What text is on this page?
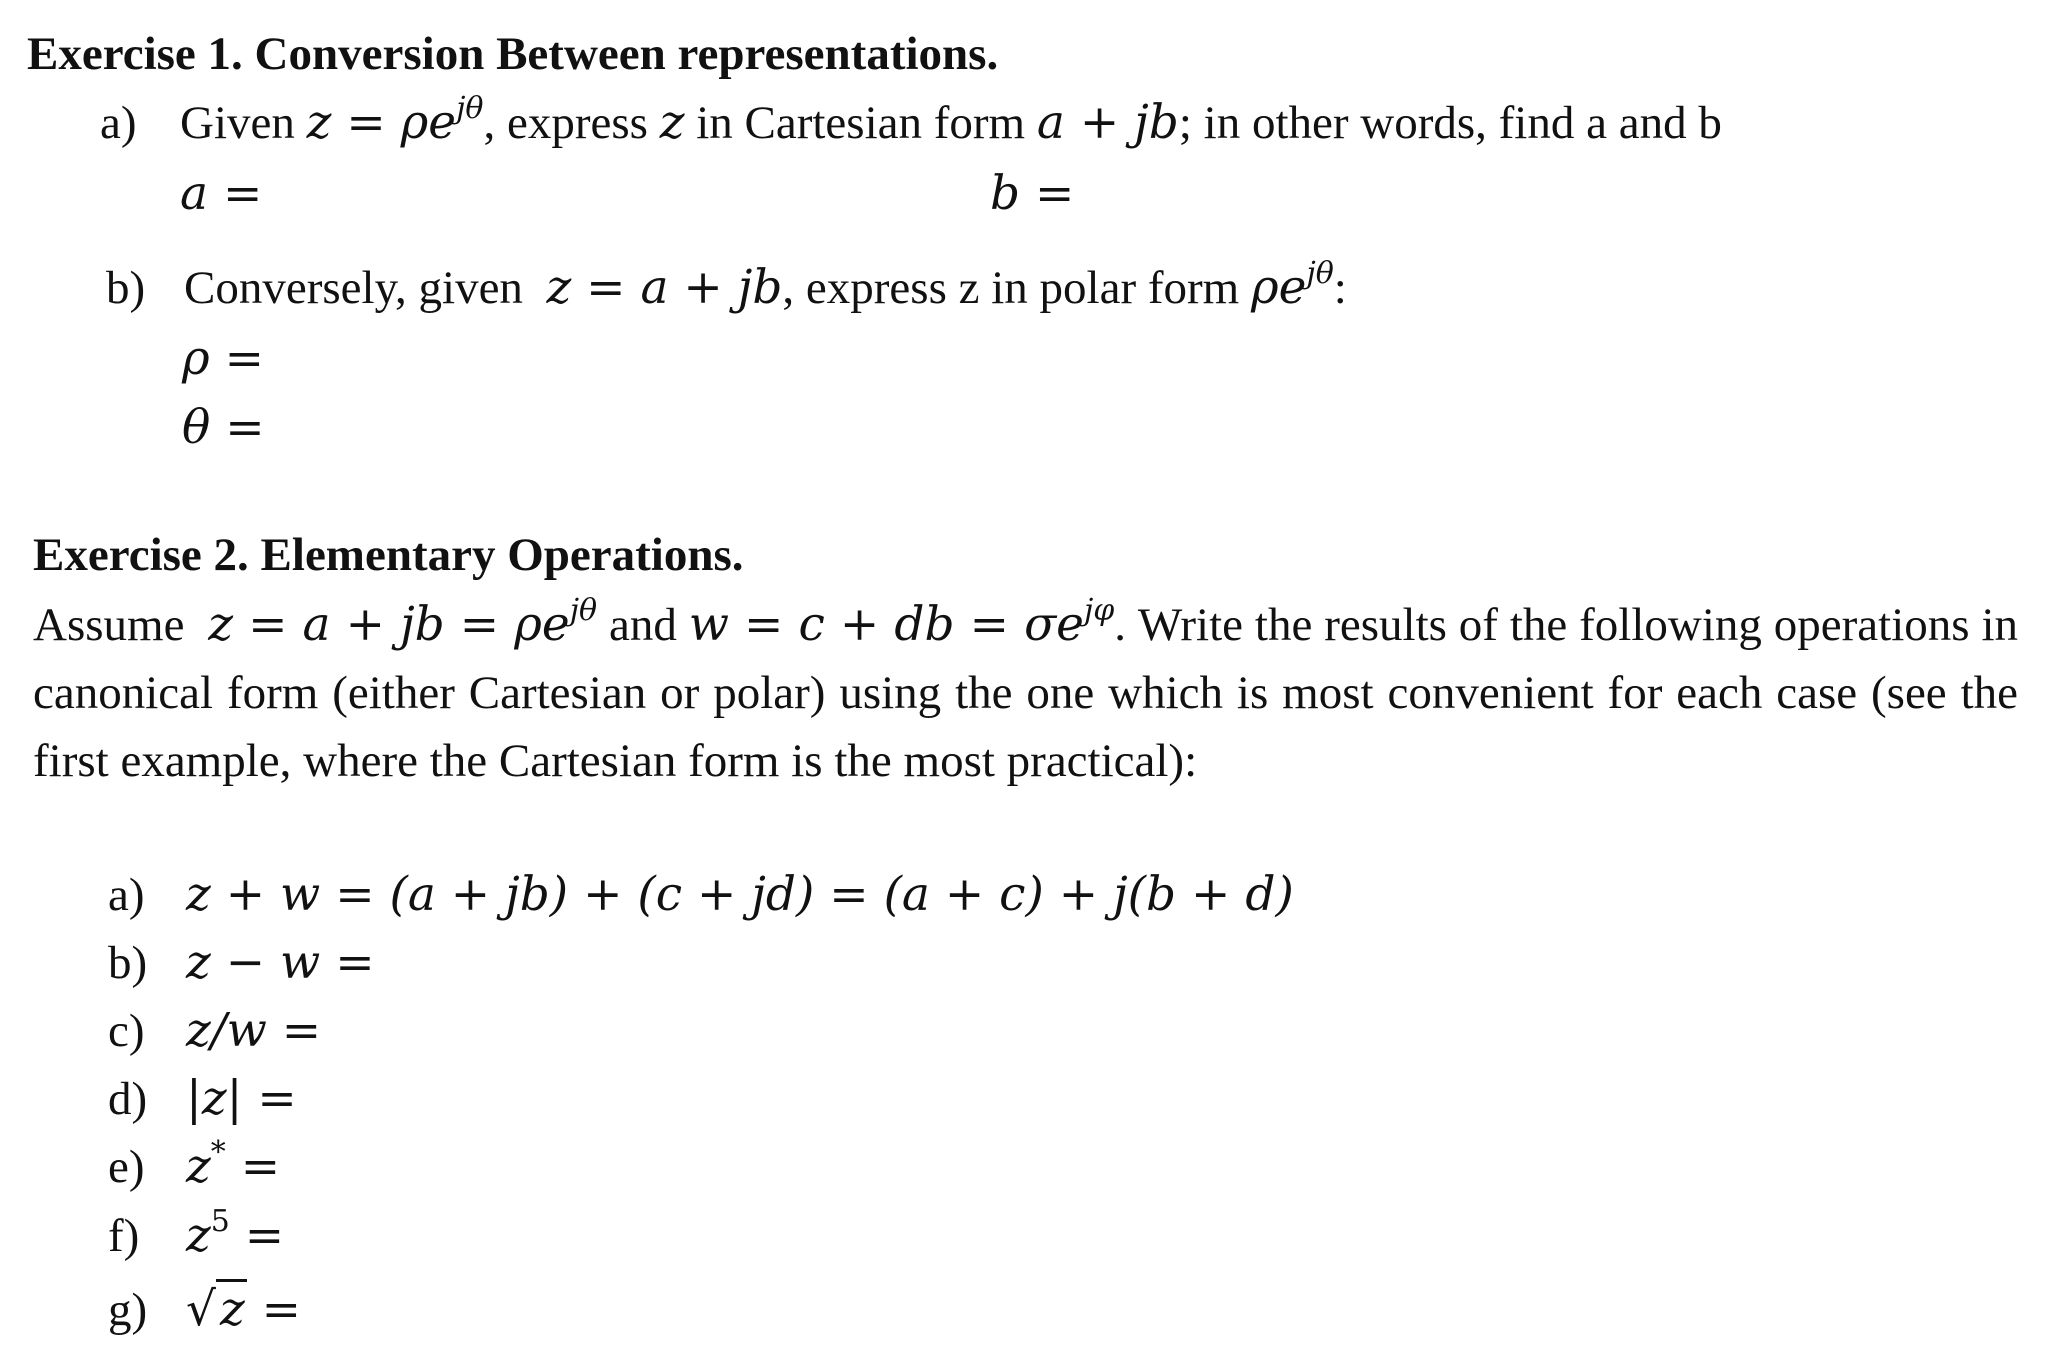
Exercise 1. Conversion Between representations.
a) Given $z = \rho e^{j\theta}$, express z in Cartesian form a + jb; in other words, find a and b
a =	b =
b) Conversely, given z = a + jb, express z in polar form $\rho e^{j\theta}$:
ρ =
θ =
Exercise 2. Elementary Operations.
Assume z = a + jb = $\rho e^{j\theta}$ and w = c + db = $\sigma e^{j\varphi}$. Write the results of the following operations in canonical form (either Cartesian or polar) using the one which is most convenient for each case (see the first example, where the Cartesian form is the most practical):
a) z + w = (a + jb) + (c + jd) = (a + c) + j(b + d)
b) z − w =
c) z/w =
d) |z| =
e) z* =
f) $z^5$ =
g) √z =
